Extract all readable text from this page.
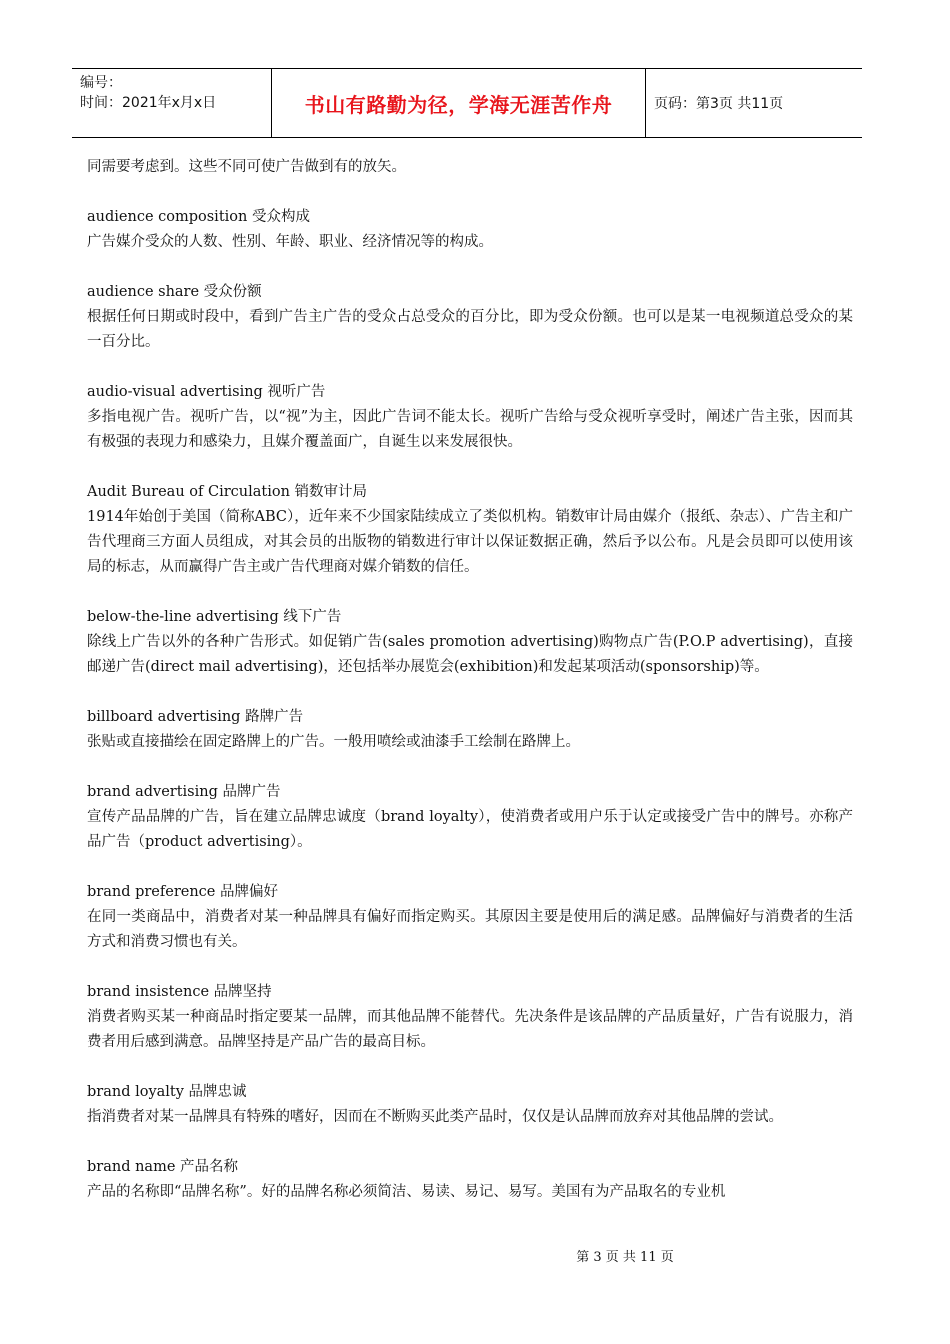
编号：
时间：2021年x月x日	书山有路勤为径，学海无涯苦作舟	页码：第3页 共11页
同需要考虑到。这些不同可使广告做到有的放矢。
audience composition 受众构成
广告媒介受众的人数、性别、年龄、职业、经济情况等的构成。
audience share 受众份额
根据任何日期或时段中，看到广告主广告的受众占总受众的百分比，即为受众份额。也可以是某一电视频道总受众的某一百分比。
audio-visual advertising 视听广告
多指电视广告。视听广告，以“视”为主，因此广告词不能太长。视听广告给与受众视听享受时，阐述广告主张，因而其有极强的表现力和感染力，且媒介覆盖面广，自诞生以来发展很快。
Audit Bureau of Circulation 销数审计局
1914年始创于美国（简称ABC），近年来不少国家陆续成立了类似机构。销数审计局由媒介（报纸、杂志）、广告主和广告代理商三方面人员组成，对其会员的出版物的销数进行审计以保证数据正确，然后予以公布。凡是会员即可以使用该局的标志，从而赢得广告主或广告代理商对媒介销数的信任。
below-the-line advertising 线下广告
除线上广告以外的各种广告形式。如促销广告(sales promotion advertising)购物点广告(P.O.P advertising)，直接邮递广告(direct mail advertising)，还包括举办展览会(exhibition)和发起某项活动(sponsorship)等。
billboard advertising 路牌广告
张贴或直接描绘在固定路牌上的广告。一般用喷绘或油漆手工绘制在路牌上。
brand advertising 品牌广告
宣传产品品牌的广告，旨在建立品牌忠诚度（brand loyalty），使消费者或用户乐于认定或接受广告中的牌号。亦称产品广告（product advertising）。
brand preference 品牌偏好
在同一类商品中，消费者对某一种品牌具有偏好而指定购买。其原因主要是使用后的满足感。品牌偏好与消费者的生活方式和消费习惯也有关。
brand insistence 品牌坚持
消费者购买某一种商品时指定要某一品牌，而其他品牌不能替代。先决条件是该品牌的产品质量好，广告有说服力，消费者用后感到满意。品牌坚持是产品广告的最高目标。
brand loyalty 品牌忠诚
指消费者对某一品牌具有特殊的嗜好，因而在不断购买此类产品时，仅仅是认品牌而放弃对其他品牌的尝试。
brand name 产品名称
产品的名称即“品牌名称”。好的品牌名称必须简洁、易读、易记、易写。美国有为产品取名的专业机
第 3 页 共 11 页
